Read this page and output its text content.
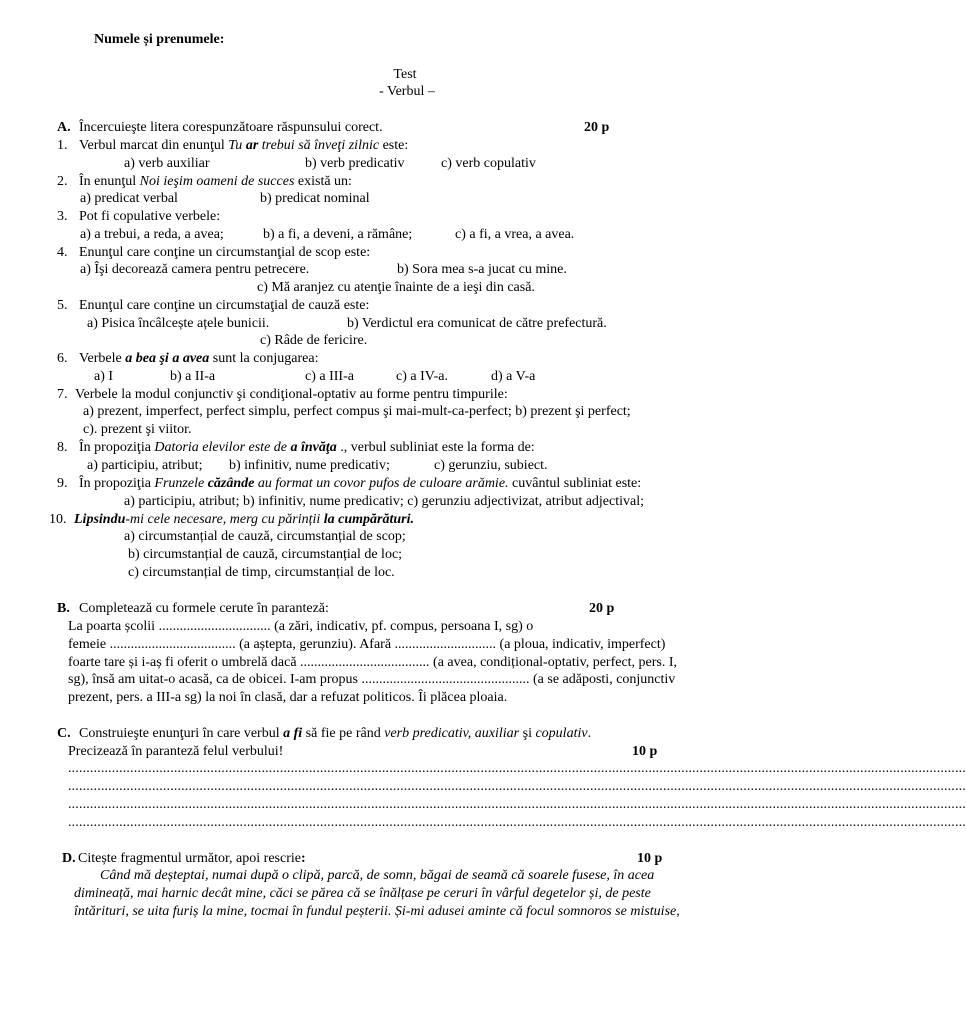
Numele și prenumele:
Test
- Verbul –
A. Încercuieşte litera corespunzătoare răspunsului corect.	20 p
1. Verbul marcat din enunţul Tu ar trebui să înveţi zilnic este:
a) verb auxiliar	b) verb predicativ	c) verb copulativ
2. În enunţul Noi ieşim oameni de succes există un:
a) predicat verbal	b) predicat nominal
3. Pot fi copulative verbele:
a) a trebui, a reda, a avea;	b) a fi, a deveni, a rămâne;	c) a fi, a vrea, a avea.
4. Enunţul care conţine un circumstanţial de scop este:
a) Îşi decorează camera pentru petrecere.	b) Sora mea s-a jucat cu mine.
c) Mă aranjez cu atenţie înainte de a ieşi din casă.
5. Enunţul care conţine un circumstaţial de cauză este:
a) Pisica încâlcește ațele bunicii.	b) Verdictul era comunicat de către prefectură.
c) Râde de fericire.
6. Verbele a bea şi a avea sunt la conjugarea:
a) I	b) a II-a	c) a III-a	c) a IV-a.	d) a V-a
7. Verbele la modul conjunctiv şi condiţional-optativ au forme pentru timpurile:
a) prezent, imperfect, perfect simplu, perfect compus şi mai-mult-ca-perfect; b) prezent şi perfect;
c). prezent şi viitor.
8. În propoziţia Datoria elevilor este de a învăţa ., verbul subliniat este la forma de:
a) participiu, atribut; b) infinitiv, nume predicativ;	c) gerunziu, subiect.
9. În propoziţia Frunzele căzânde au format un covor pufos de culoare arămie. cuvântul subliniat este:
a) participiu, atribut; b) infinitiv, nume predicativ; c) gerunziu adjectivizat, atribut adjectival;
10. Lipsindu-mi cele necesare, merg cu părinții la cumpărături.
a) circumstanțial de cauză, circumstanțial de scop;
b) circumstanțial de cauză, circumstanțial de loc;
c) circumstanțial de timp, circumstanțial de loc.
B. Completează cu formele cerute în paranteză:	20 p
La poarta școlii ................................ (a zări, indicativ, pf. compus, persoana I, sg) o
femeie .................................... (a aștepta, gerunziu). Afară ............................. (a ploua, indicativ, imperfect)
foarte tare și i-aș fi oferit o umbrelă dacă ..................................... (a avea, condițional-optativ, perfect, pers. I,
sg), însă am uitat-o acasă, ca de obicei. I-am propus ................................................ (a se adăposti, conjunctiv
prezent, pers. a III-a sg) la noi în clasă, dar a refuzat politicos. Îi plăcea ploaia.
C. Construieşte enunţuri în care verbul a fi să fie pe rând verb predicativ, auxiliar şi copulativ.
Precizează în paranteză felul verbului!	10 p
......................................................................................................................................................................................................................................................
......................................................................................................................................................................................................................................................
......................................................................................................................................................................................................................................................
......................................................................................................................................................................................................................................................
D. Citește fragmentul următor, apoi rescrie:	10 p
Când mă deșteptai, numai după o clipă, parcă, de somn, băgai de seamă că soarele fusese, în acea
dimineață, mai harnic decât mine, căci se părea că se înălțase pe ceruri în vârful degetelor și, de peste
întărituri, se uita furiș la mine, tocmai în fundul peșterii. Și-mi adusei aminte că focul somnoros se mistuise,
